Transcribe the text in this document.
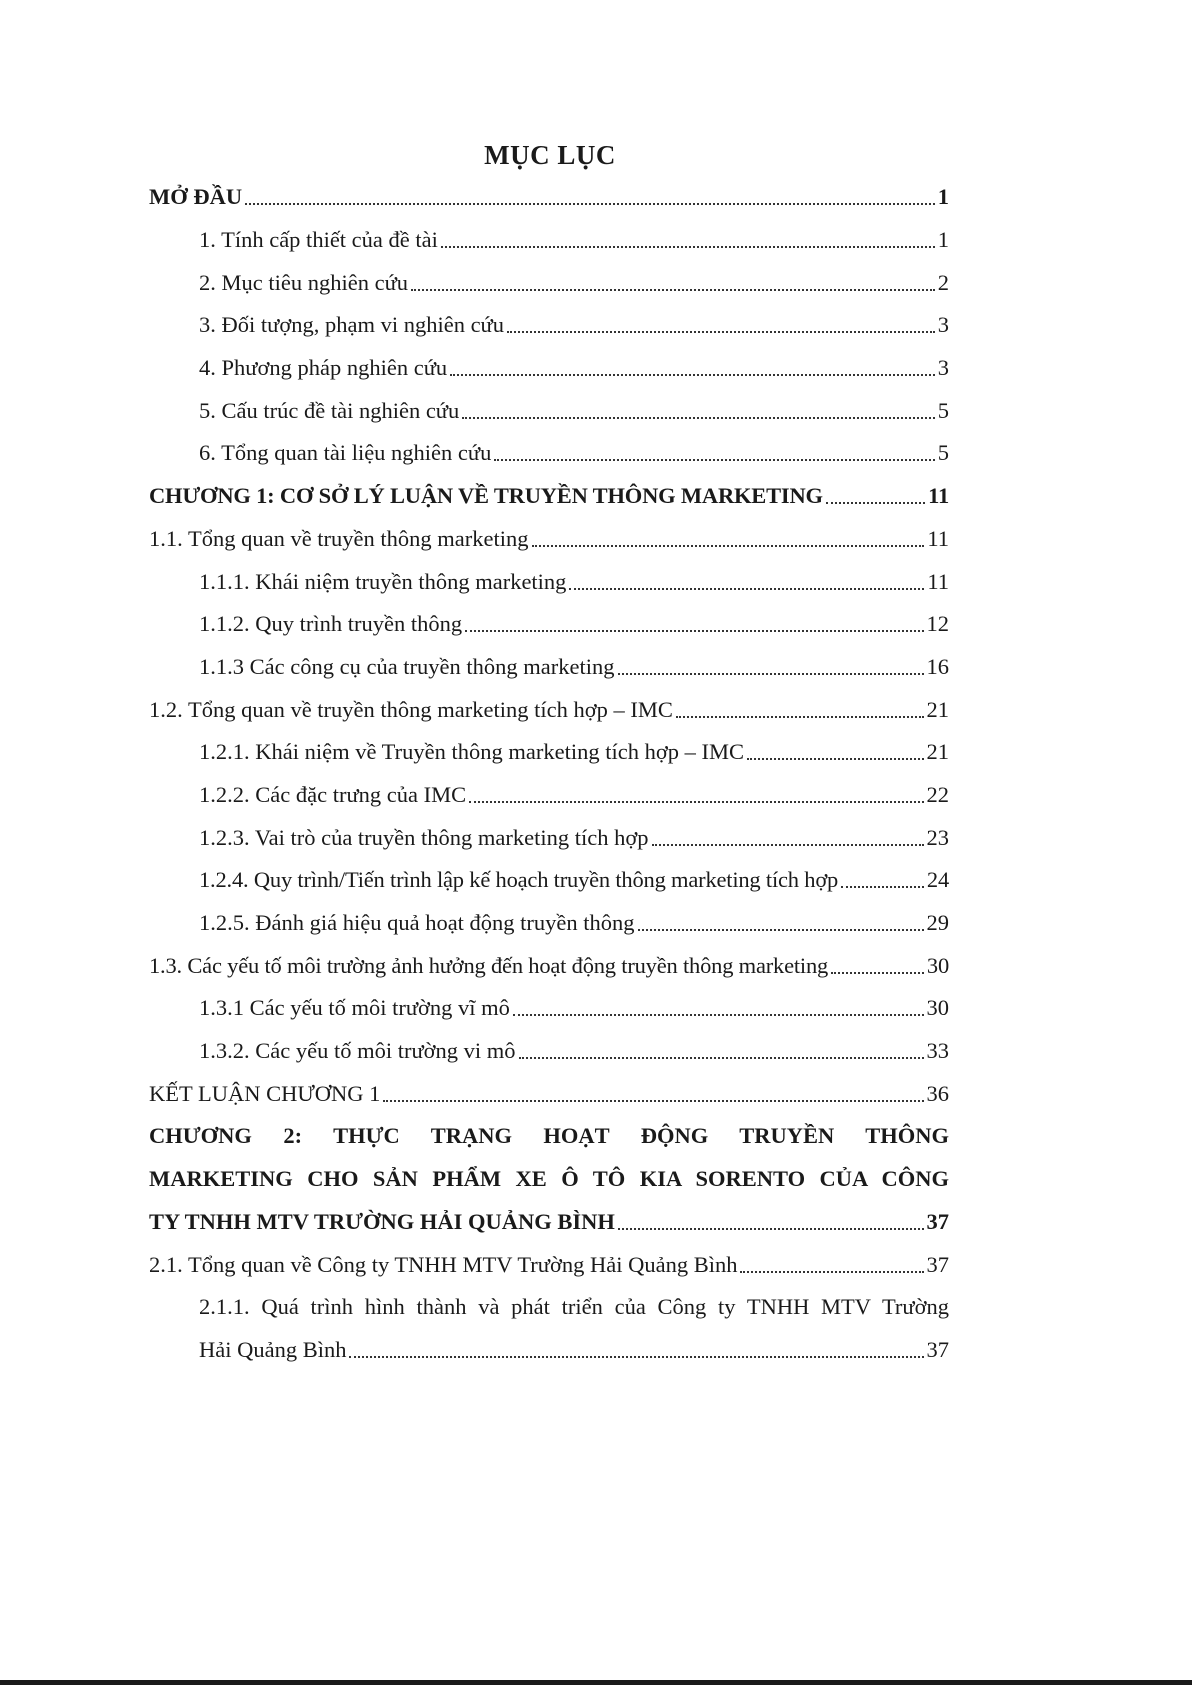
MỤC LỤC
MỞ ĐẦU	1
1. Tính cấp thiết của đề tài	1
2. Mục tiêu nghiên cứu	2
3. Đối tượng, phạm vi nghiên cứu	3
4. Phương pháp nghiên cứu	3
5. Cấu trúc đề tài nghiên cứu	5
6. Tổng quan tài liệu nghiên cứu	5
CHƯƠNG 1: CƠ SỞ LÝ LUẬN VỀ TRUYỀN THÔNG MARKETING	11
1.1. Tổng quan về truyền thông marketing	11
1.1.1. Khái niệm truyền thông marketing	11
1.1.2. Quy trình truyền thông	12
1.1.3 Các công cụ của truyền thông marketing	16
1.2. Tổng quan về truyền thông marketing tích hợp – IMC	21
1.2.1. Khái niệm về Truyền thông marketing tích hợp – IMC	21
1.2.2. Các đặc trưng của IMC	22
1.2.3. Vai trò của truyền thông marketing tích hợp	23
1.2.4. Quy trình/Tiến trình lập kế hoạch truyền thông marketing tích hợp	24
1.2.5. Đánh giá hiệu quả hoạt động truyền thông	29
1.3. Các yếu tố môi trường ảnh hưởng đến hoạt động truyền thông marketing	30
1.3.1 Các yếu tố môi trường vĩ mô	30
1.3.2. Các yếu tố môi trường vi mô	33
KẾT LUẬN CHƯƠNG 1	36
CHƯƠNG 2: THỰC TRẠNG HOẠT ĐỘNG TRUYỀN THÔNG
MARKETING CHO SẢN PHẨM XE Ô TÔ KIA SORENTO CỦA CÔNG
TY TNHH MTV TRƯỜNG HẢI QUẢNG BÌNH	37
2.1. Tổng quan về Công ty TNHH MTV Trường Hải Quảng Bình	37
2.1.1. Quá trình hình thành và phát triển của Công ty TNHH MTV Trường
Hải Quảng Bình	37
